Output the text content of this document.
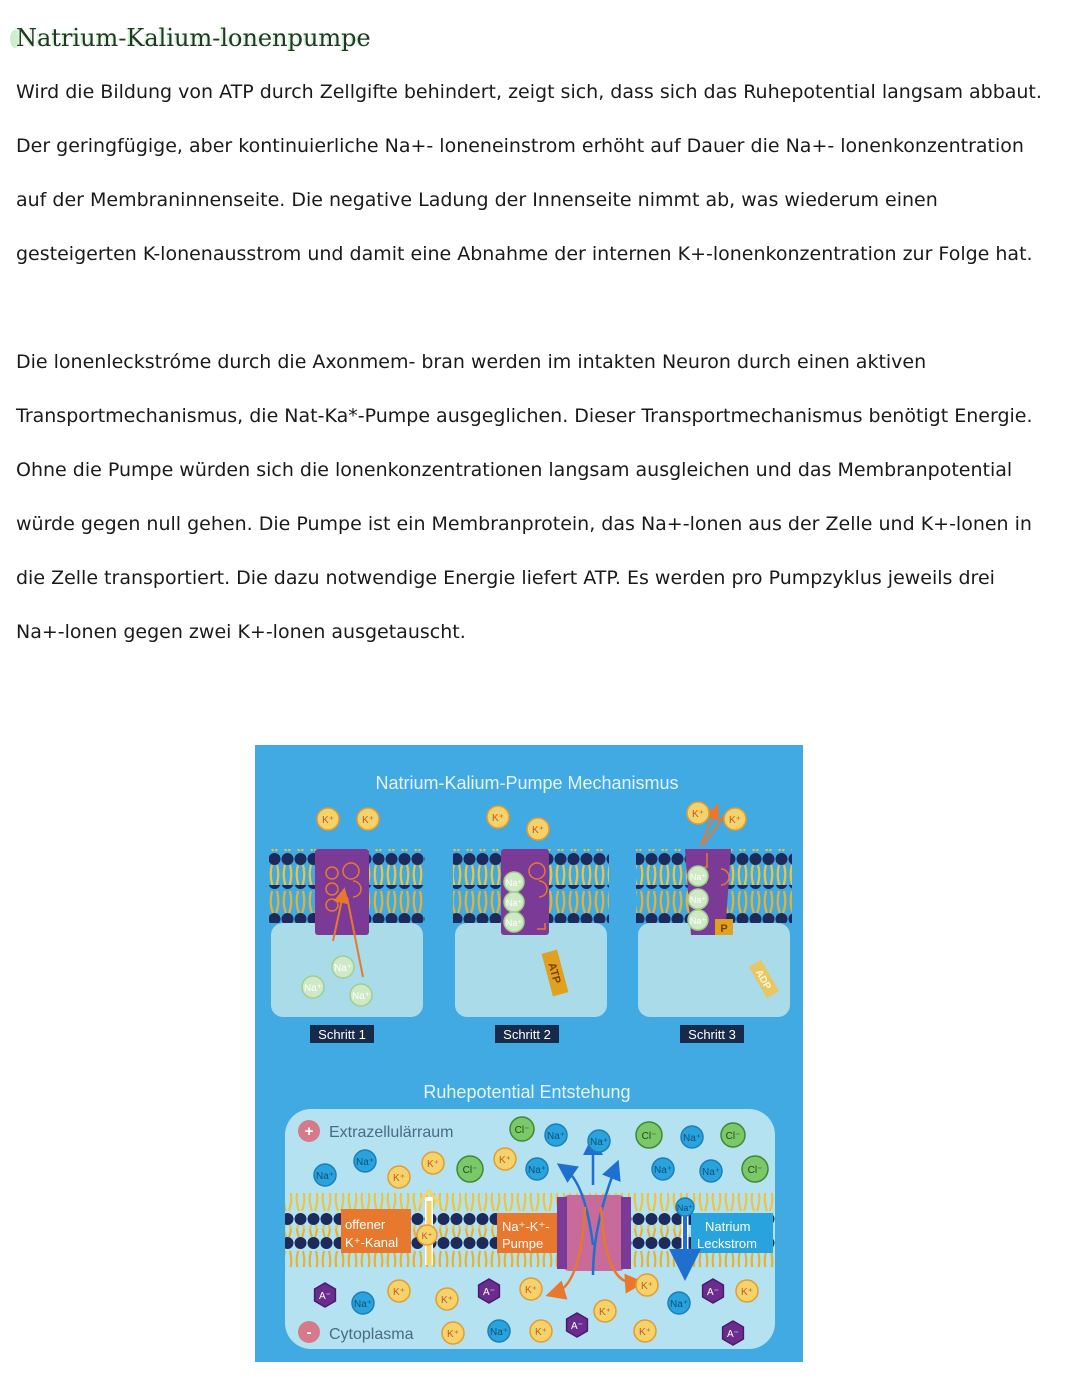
Natrium-Kalium-lonenpumpe
Wird die Bildung von ATP durch Zellgifte behindert, zeigt sich, dass sich das Ruhepotential langsam abbaut.
Der geringfügige, aber kontinuierliche Na+- loneneinstrom erhöht auf Dauer die Na+- lonenkonzentration
auf der Membraninnenseite. Die negative Ladung der Innenseite nimmt ab, was wiederum einen
gesteigerten K-lonenausstrom und damit eine Abnahme der internen K+-lonenkonzentration zur Folge hat.
Die lonenleckstróme durch die Axonmem- bran werden im intakten Neuron durch einen aktiven
Transportmechanismus, die Nat-Ka*-Pumpe ausgeglichen. Dieser Transportmechanismus benötigt Energie.
Ohne die Pumpe würden sich die lonenkonzentrationen langsam ausgleichen und das Membranpotential
würde gegen null gehen. Die Pumpe ist ein Membranprotein, das Na+-lonen aus der Zelle und K+-lonen in
die Zelle transportiert. Die dazu notwendige Energie liefert ATP. Es werden pro Pumpzyklus jeweils drei
Na+-lonen gegen zwei K+-lonen ausgetauscht.
Natrium-Kalium-Pumpe Mechanismus
ATP
P
ADP
Schritt 1	Schritt 2	Schritt 3
Ruhepotential Entstehung
offener
K⁺-Kanal
Na⁺-K⁺-
Pumpe
Natrium
Leckstrom
+ Extrazellulärraum
- Cytoplasma
K⁺	K⁺
Na⁺
Na⁺
Na⁺
K⁺
K⁺
Na⁺
Na⁺
Na⁺
K⁺
K⁺
Na⁺
Na⁺
Na⁺
Cl⁻
Na⁺
Na⁺
Cl⁻	Na⁺ Cl⁻
Na⁺
Na⁺
K⁺
K⁺
Cl⁻
K⁺
Na⁺	Na⁺	Na⁺	Cl⁻
K⁺
Na⁺
A⁻
Na⁺
K⁺
K⁺
A⁻	K⁺
K⁺	Na⁺	K⁺
A⁻
K⁺
K⁺
K⁺
Na⁺
A⁻ K⁺
A⁻
